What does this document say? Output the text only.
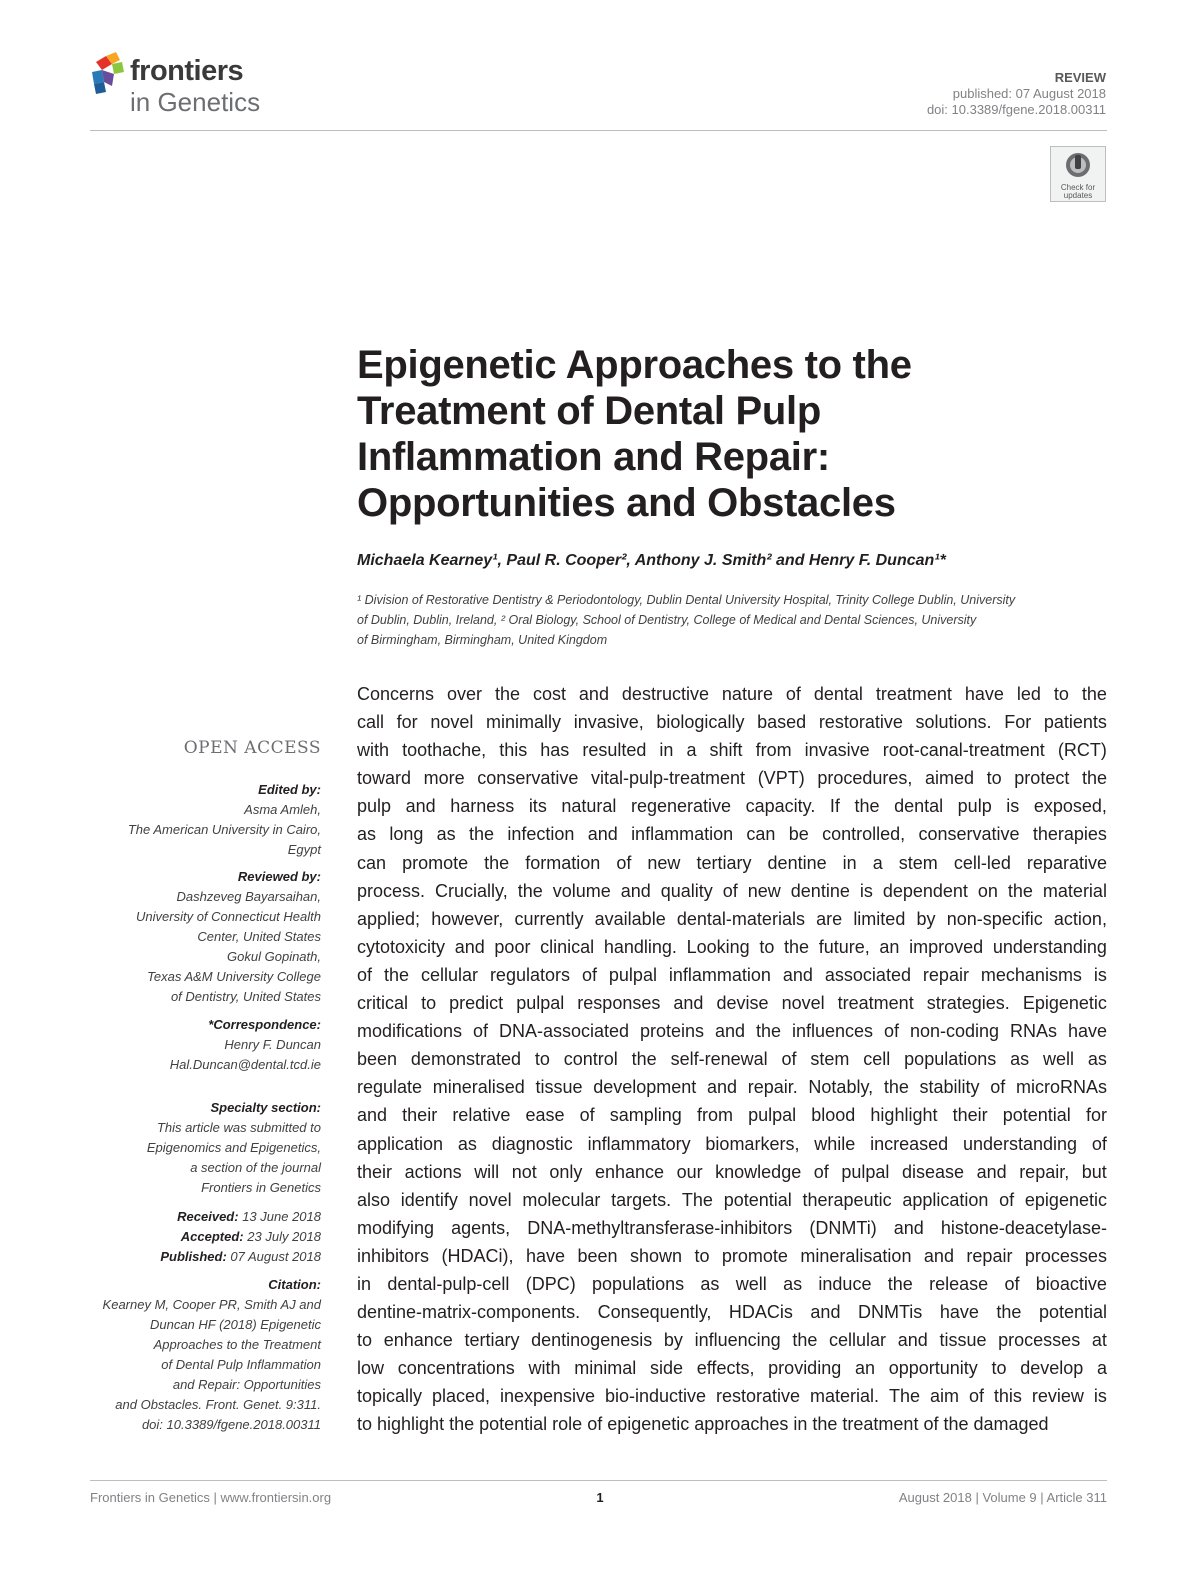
frontiers
in Genetics
REVIEW
published: 07 August 2018
doi: 10.3389/fgene.2018.00311
Check for
updates
Epigenetic Approaches to the
Treatment of Dental Pulp
Inflammation and Repair:
Opportunities and Obstacles
Michaela Kearney¹, Paul R. Cooper², Anthony J. Smith² and Henry F. Duncan¹*
¹ Division of Restorative Dentistry & Periodontology, Dublin Dental University Hospital, Trinity College Dublin, University
of Dublin, Dublin, Ireland, ² Oral Biology, School of Dentistry, College of Medical and Dental Sciences, University
of Birmingham, Birmingham, United Kingdom
Concerns over the cost and destructive nature of dental treatment have led to the
call for novel minimally invasive, biologically based restorative solutions. For patients
with toothache, this has resulted in a shift from invasive root-canal-treatment (RCT)
toward more conservative vital-pulp-treatment (VPT) procedures, aimed to protect the
pulp and harness its natural regenerative capacity. If the dental pulp is exposed,
as long as the infection and inflammation can be controlled, conservative therapies
can promote the formation of new tertiary dentine in a stem cell-led reparative
process. Crucially, the volume and quality of new dentine is dependent on the material
applied; however, currently available dental-materials are limited by non-specific action,
cytotoxicity and poor clinical handling. Looking to the future, an improved understanding
of the cellular regulators of pulpal inflammation and associated repair mechanisms is
critical to predict pulpal responses and devise novel treatment strategies. Epigenetic
modifications of DNA-associated proteins and the influences of non-coding RNAs have
been demonstrated to control the self-renewal of stem cell populations as well as
regulate mineralised tissue development and repair. Notably, the stability of microRNAs
and their relative ease of sampling from pulpal blood highlight their potential for
application as diagnostic inflammatory biomarkers, while increased understanding of
their actions will not only enhance our knowledge of pulpal disease and repair, but
also identify novel molecular targets. The potential therapeutic application of epigenetic
modifying agents, DNA-methyltransferase-inhibitors (DNMTi) and histone-deacetylase-
inhibitors (HDACi), have been shown to promote mineralisation and repair processes
in dental-pulp-cell (DPC) populations as well as induce the release of bioactive
dentine-matrix-components. Consequently, HDACis and DNMTis have the potential
to enhance tertiary dentinogenesis by influencing the cellular and tissue processes at
low concentrations with minimal side effects, providing an opportunity to develop a
topically placed, inexpensive bio-inductive restorative material. The aim of this review is
to highlight the potential role of epigenetic approaches in the treatment of the damaged
OPEN ACCESS
Edited by:
Asma Amleh,
The American University in Cairo,
Egypt
Reviewed by:
Dashzeveg Bayarsaihan,
University of Connecticut Health
Center, United States
Gokul Gopinath,
Texas A&M University College
of Dentistry, United States
*Correspondence:
Henry F. Duncan
Hal.Duncan@dental.tcd.ie
Specialty section:
This article was submitted to
Epigenomics and Epigenetics,
a section of the journal
Frontiers in Genetics
Received: 13 June 2018
Accepted: 23 July 2018
Published: 07 August 2018
Citation:
Kearney M, Cooper PR, Smith AJ and
Duncan HF (2018) Epigenetic
Approaches to the Treatment
of Dental Pulp Inflammation
and Repair: Opportunities
and Obstacles. Front. Genet. 9:311.
doi: 10.3389/fgene.2018.00311
Frontiers in Genetics | www.frontiersin.org	1	August 2018 | Volume 9 | Article 311
